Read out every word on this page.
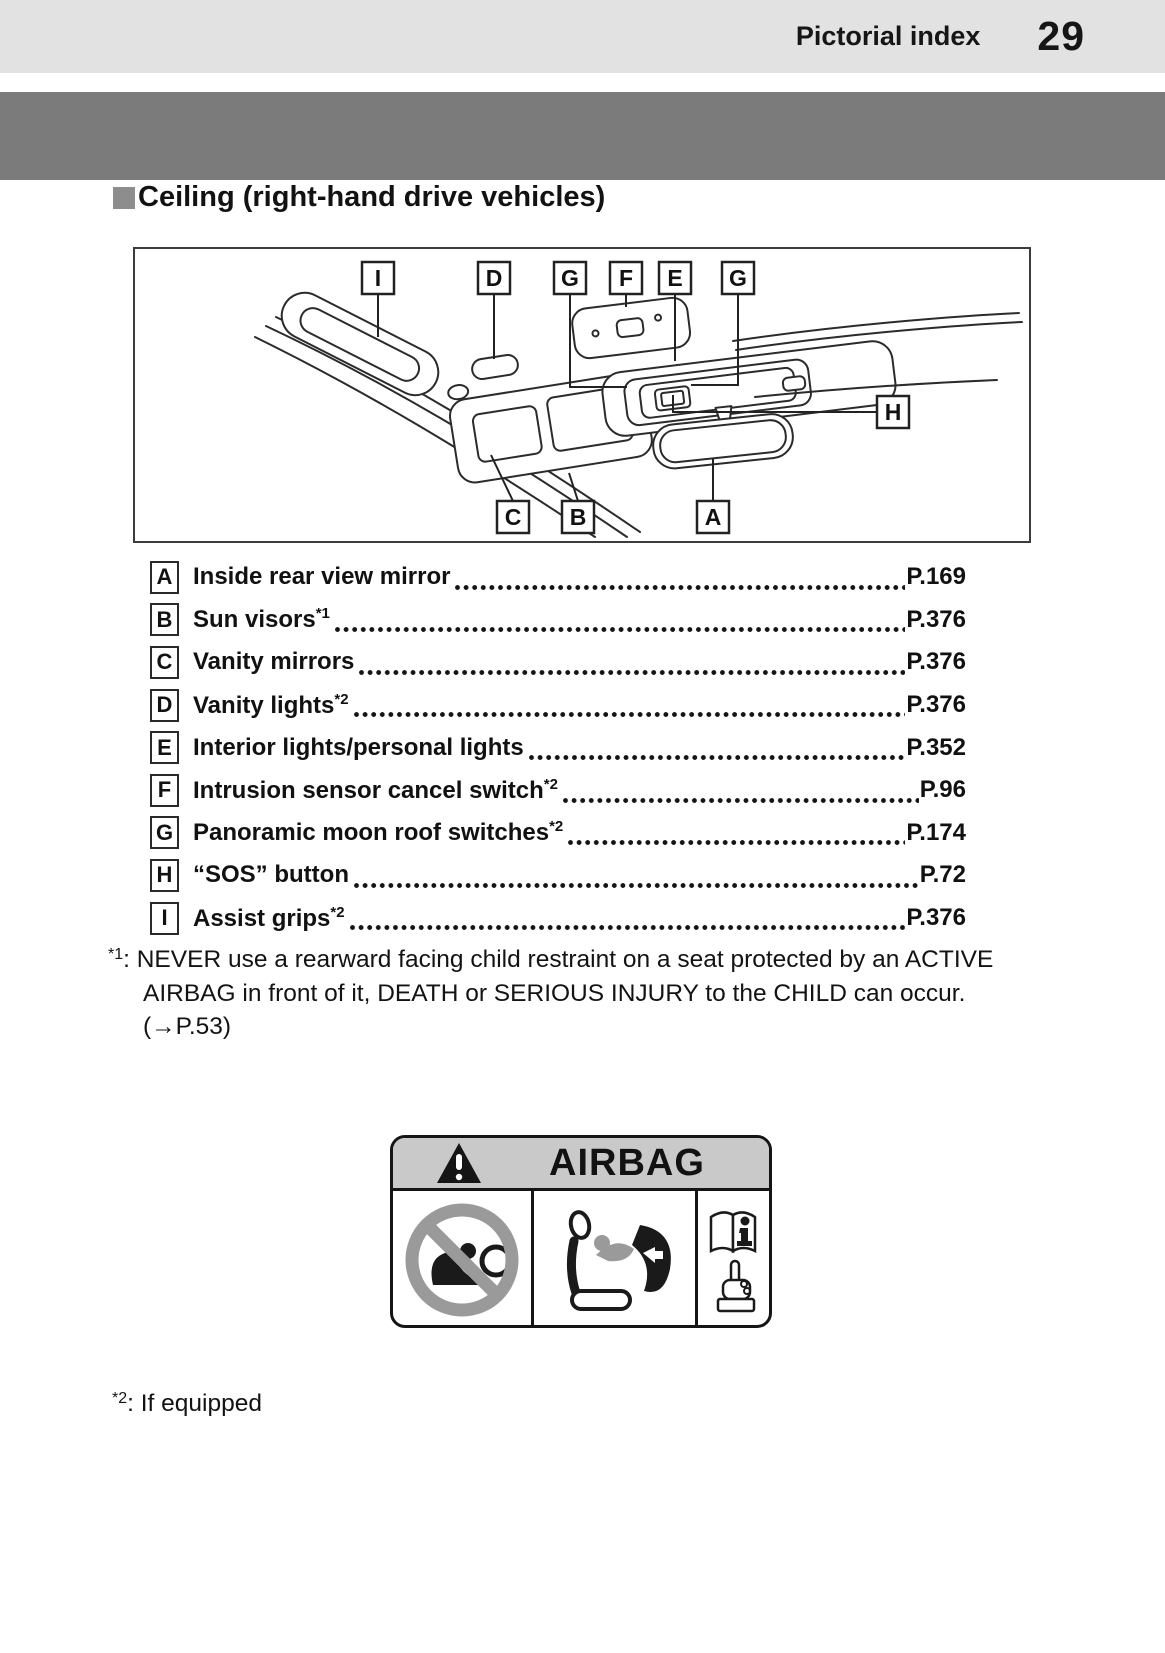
Pictorial index 29
Ceiling (right-hand drive vehicles)
I	D	G F E G
H
C B	A
A Inside rear view mirror	P.169
B Sun visors$^{*1}$	P.376
C Vanity mirrors	P.376
D Vanity lights$^{*2}$	P.376
E Interior lights/personal lights	P.352
F Intrusion sensor cancel switch$^{*2}$	P.96
G Panoramic moon roof switches$^{*2}$	P.174
H “SOS” button	P.72
I	Assist grips$^{*2}$	P.376
$^{*1}$: NEVER use a rearward facing child restraint on a seat protected by an ACTIVE
AIRBAG in front of it, DEATH or SERIOUS INJURY to the CHILD can occur.
(→P.53)
AIRBAG
$^{*2}$: If equipped
